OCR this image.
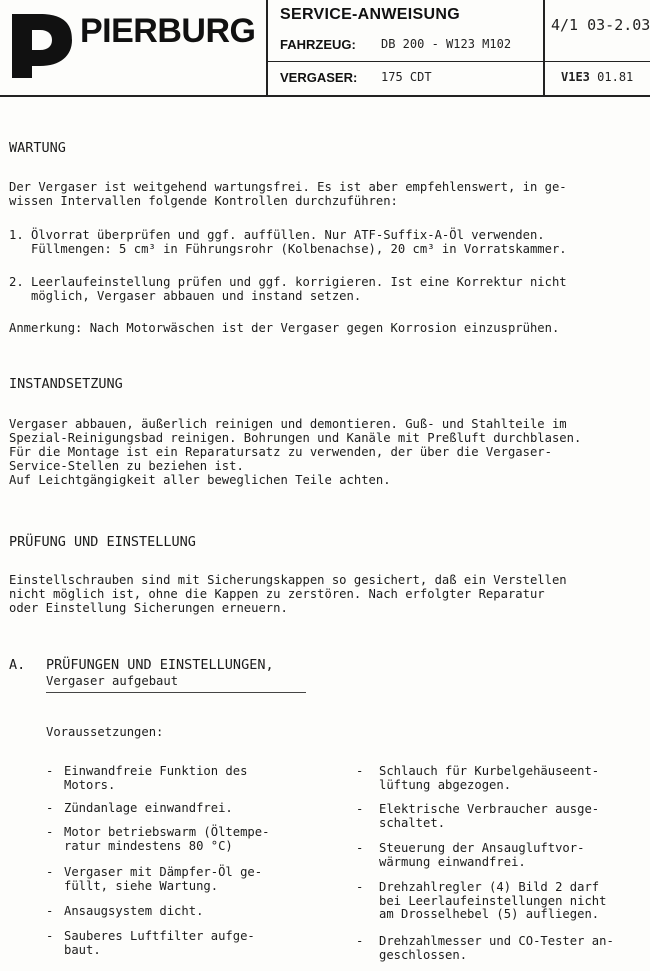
PIERBURG SERVICE-ANWEISUNG
FAHRZEUG: DB 200 - W123 M102
VERGASER: 175 CDT
4/1 03-2.03
V1E3 01.81
WARTUNG
Der Vergaser ist weitgehend wartungsfrei. Es ist aber empfehlenswert, in ge-
wissen Intervallen folgende Kontrollen durchzuführen:
1. Ölvorrat überprüfen und ggf. auffüllen. Nur ATF-Suffix-A-Öl verwenden.
Füllmengen: 5 cm³ in Führungsrohr (Kolbenachse), 20 cm³ in Vorratskammer.
2. Leerlaufeinstellung prüfen und ggf. korrigieren. Ist eine Korrektur nicht
möglich, Vergaser abbauen und instand setzen.
Anmerkung: Nach Motorwäschen ist der Vergaser gegen Korrosion einzusprühen.
INSTANDSETZUNG
Vergaser abbauen, äußerlich reinigen und demontieren. Guß- und Stahlteile im
Spezial-Reinigungsbad reinigen. Bohrungen und Kanäle mit Preßluft durchblasen.
Für die Montage ist ein Reparatursatz zu verwenden, der über die Vergaser-
Service-Stellen zu beziehen ist.
Auf Leichtgängigkeit aller beweglichen Teile achten.
PRÜFUNG UND EINSTELLUNG
Einstellschrauben sind mit Sicherungskappen so gesichert, daß ein Verstellen
nicht möglich ist, ohne die Kappen zu zerstören. Nach erfolgter Reparatur
oder Einstellung Sicherungen erneuern.
A. PRÜFUNGEN UND EINSTELLUNGEN,
Vergaser aufgebaut
Voraussetzungen:
- Einwandfreie Funktion des
Motors.
- Zündanlage einwandfrei.
- Motor betriebswarm (Öltempe-
ratur mindestens 80 °C)
- Vergaser mit Dämpfer-Öl ge-
füllt, siehe Wartung.
- Ansaugsystem dicht.
- Sauberes Luftfilter aufge-
baut.
- Schlauch für Kurbelgehäuseent-
lüftung abgezogen.
- Elektrische Verbraucher ausge-
schaltet.
- Steuerung der Ansaugluftvor-
wärmung einwandfrei.
- Drehzahlregler (4) Bild 2 darf
bei Leerlaufeinstellungen nicht
am Drosselhebel (5) aufliegen.
- Drehzahlmesser und CO-Tester an-
geschlossen.
